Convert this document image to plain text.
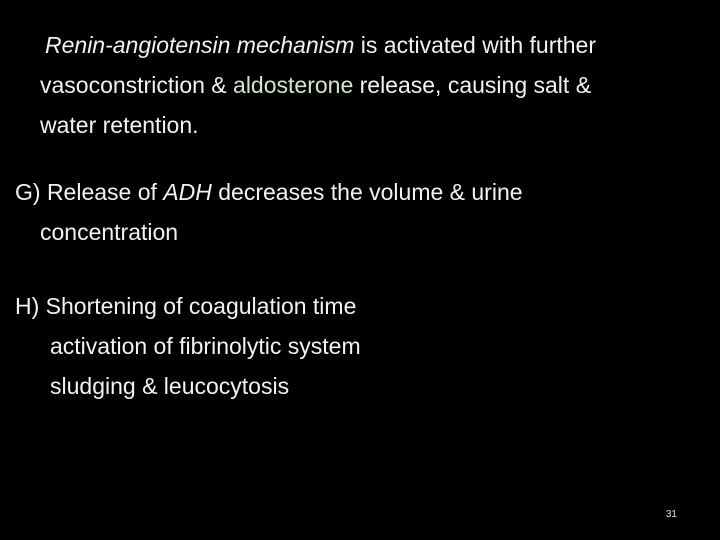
Renin-angiotensin mechanism is activated with further
vasoconstriction & aldosterone release, causing salt &
water retention.
G) Release of ADH decreases the volume & urine
concentration
H) Shortening of coagulation time
activation of fibrinolytic system
sludging & leucocytosis
31
